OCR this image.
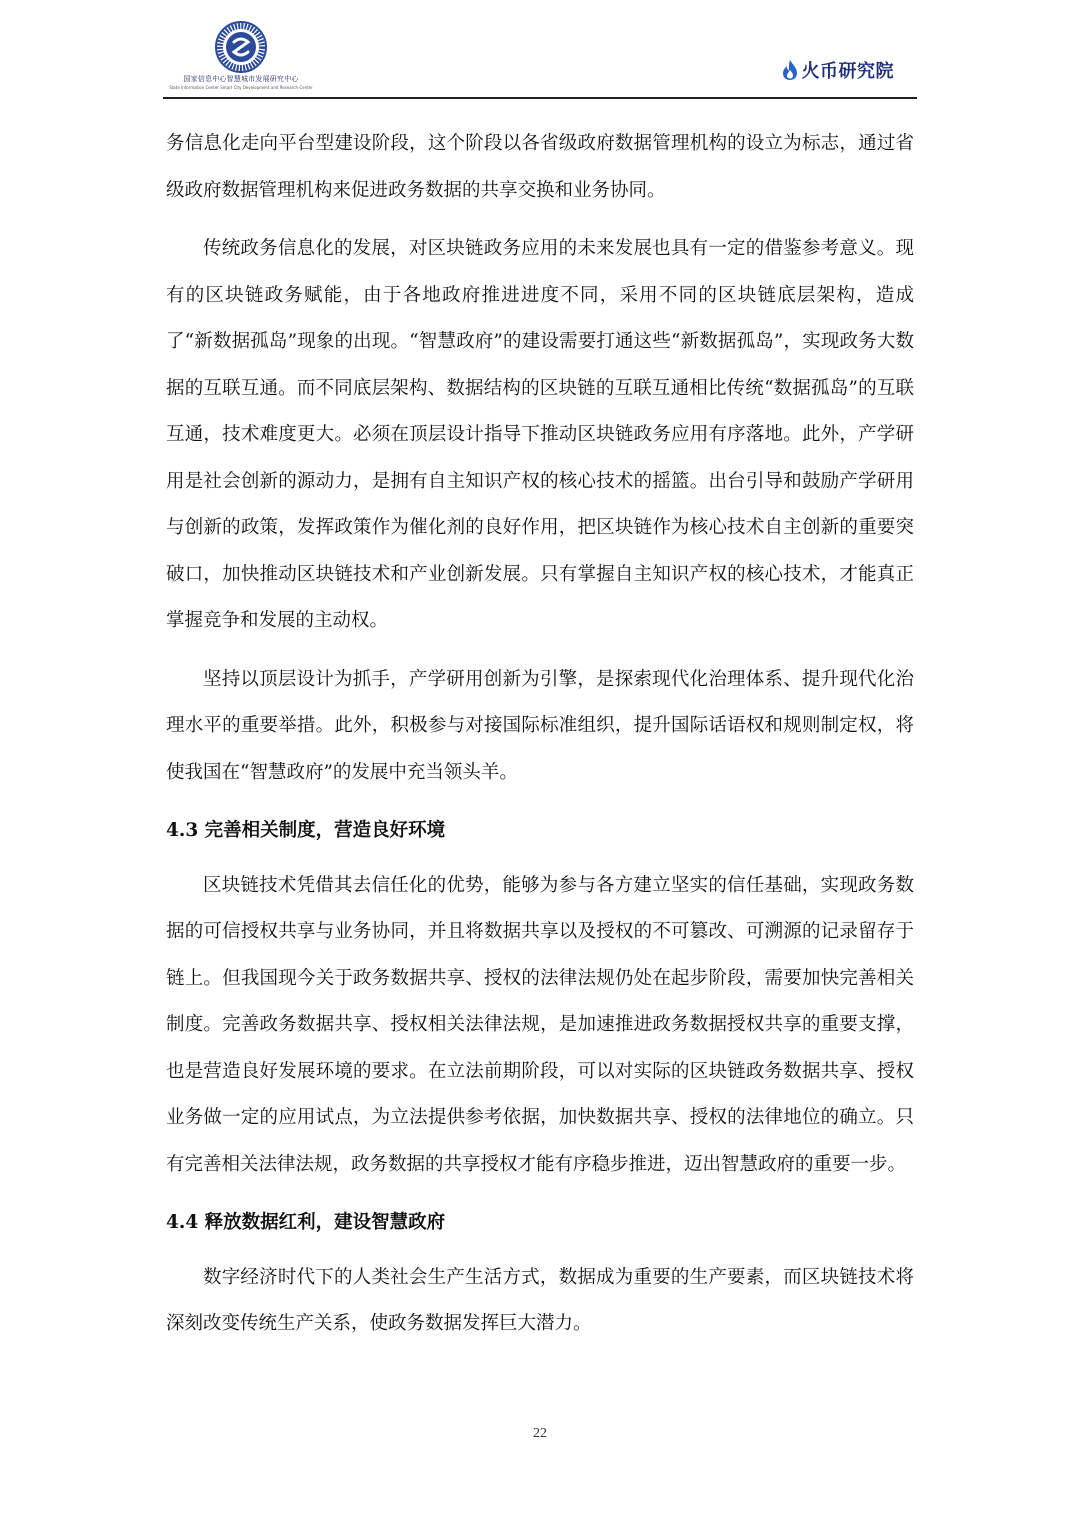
国家信息中心智慧城市发展研究中心
State Information Center Smart City Development and Research Center
火币研究院

务信息化走向平台型建设阶段，这个阶段以各省级政府数据管理机构的设立为标志，通过省级政府数据管理机构来促进政务数据的共享交换和业务协同。

传统政务信息化的发展，对区块链政务应用的未来发展也具有一定的借鉴参考意义。现有的区块链政务赋能，由于各地政府推进进度不同，采用不同的区块链底层架构，造成了“新数据孤岛”现象的出现。“智慧政府”的建设需要打通这些“新数据孤岛”，实现政务大数据的互联互通。而不同底层架构、数据结构的区块链的互联互通相比传统“数据孤岛”的互联互通，技术难度更大。必须在顶层设计指导下推动区块链政务应用有序落地。此外，产学研用是社会创新的源动力，是拥有自主知识产权的核心技术的摇篮。出台引导和鼓励产学研用与创新的政策，发挥政策作为催化剂的良好作用，把区块链作为核心技术自主创新的重要突破口，加快推动区块链技术和产业创新发展。只有掌握自主知识产权的核心技术，才能真正掌握竞争和发展的主动权。

坚持以顶层设计为抓手，产学研用创新为引擎，是探索现代化治理体系、提升现代化治理水平的重要举措。此外，积极参与对接国际标准组织，提升国际话语权和规则制定权，将使我国在“智慧政府”的发展中充当领头羊。

4.3 完善相关制度，营造良好环境

区块链技术凭借其去信任化的优势，能够为参与各方建立坚实的信任基础，实现政务数据的可信授权共享与业务协同，并且将数据共享以及授权的不可篡改、可溯源的记录留存于链上。但我国现今关于政务数据共享、授权的法律法规仍处在起步阶段，需要加快完善相关制度。完善政务数据共享、授权相关法律法规，是加速推进政务数据授权共享的重要支撑，也是营造良好发展环境的要求。在立法前期阶段，可以对实际的区块链政务数据共享、授权业务做一定的应用试点，为立法提供参考依据，加快数据共享、授权的法律地位的确立。只有完善相关法律法规，政务数据的共享授权才能有序稳步推进，迈出智慧政府的重要一步。

4.4 释放数据红利，建设智慧政府

数字经济时代下的人类社会生产生活方式，数据成为重要的生产要素，而区块链技术将深刻改变传统生产关系，使政务数据发挥巨大潜力。

22
